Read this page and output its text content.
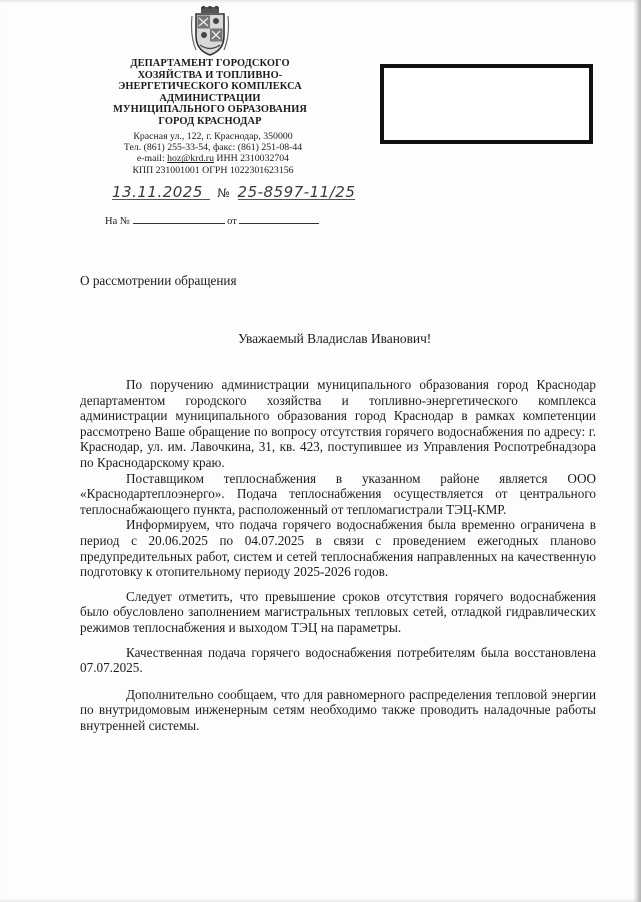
ДЕПАРТАМЕНТ ГОРОДСКОГО
ХОЗЯЙСТВА И ТОПЛИВНО-
ЭНЕРГЕТИЧЕСКОГО КОМПЛЕКСА
АДМИНИСТРАЦИИ
МУНИЦИПАЛЬНОГО ОБРАЗОВАНИЯ
ГОРОД КРАСНОДАР
Красная ул., 122, г. Краснодар, 350000
Тел. (861) 255-33-54, факс: (861) 251-08-44
e-mail: hoz@krd.ru ИНН 2310032704
КПП 231001001 ОГРН 1022301623156
13.11.2025 № 25-8597-11/25
На №	от
О рассмотрении обращения
Уважаемый Владислав Иванович!

По поручению администрации муниципального образования город Краснодар департаментом городского хозяйства и топливно-энергетического комплекса администрации муниципального образования город Краснодар в рамках компетенции рассмотрено Ваше обращение по вопросу отсутствия горячего водоснабжения по адресу: г. Краснодар, ул. им. Лавочкина, 31, кв. 423, поступившее из Управления Роспотребнадзора по Краснодарскому краю.

Поставщиком теплоснабжения в указанном районе является ООО «Краснодартеплоэнерго». Подача теплоснабжения осуществляется от центрального теплоснабжающего пункта, расположенный от тепломагистрали ТЭЦ-КМР.

Информируем, что подача горячего водоснабжения была временно ограничена в период с 20.06.2025 по 04.07.2025 в связи с проведением ежегодных планово предупредительных работ, систем и сетей теплоснабжения направленных на качественную подготовку к отопительному периоду 2025-2026 годов.

Следует отметить, что превышение сроков отсутствия горячего водоснабжения было обусловлено заполнением магистральных тепловых сетей, отладкой гидравлических режимов теплоснабжения и выходом ТЭЦ на параметры.

Качественная подача горячего водоснабжения потребителям была восстановлена 07.07.2025.

Дополнительно сообщаем, что для равномерного распределения тепловой энергии по внутридомовым инженерным сетям необходимо также проводить наладочные работы внутренней системы.
